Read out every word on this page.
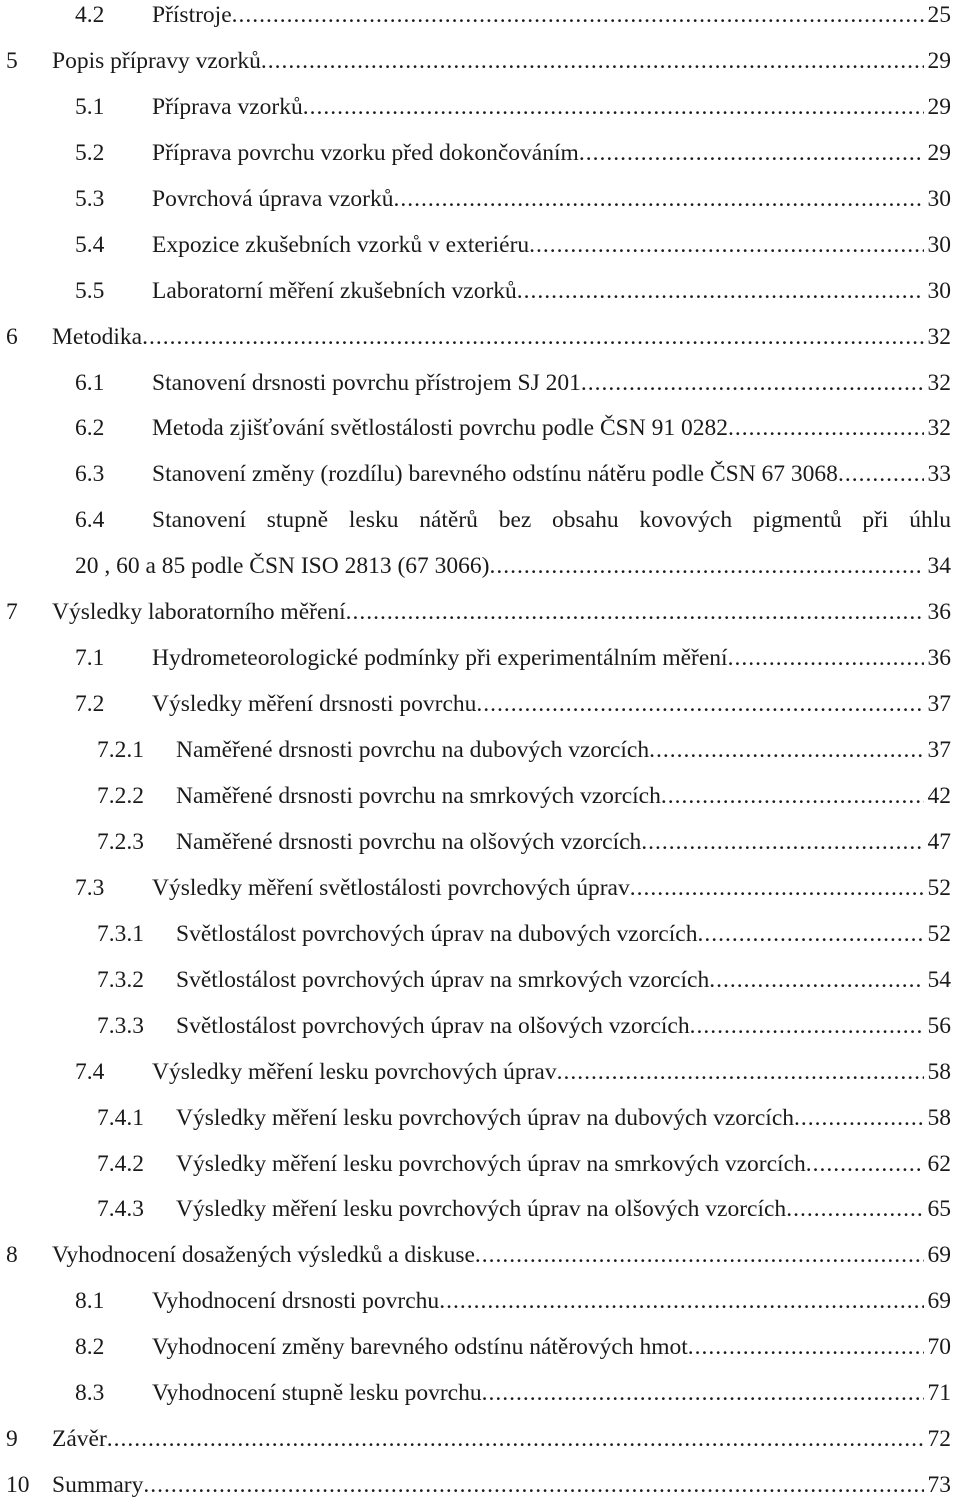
4.2 Přístroje .....	25
5 Popis přípravy vzorků .....	29
5.1 Příprava vzorků .....	29
5.2 Příprava povrchu vzorku před dokončováním .....	29
5.3 Povrchová úprava vzorků .....	30
5.4 Expozice zkušebních vzorků v exteriéru .....	30
5.5 Laboratorní měření zkušebních vzorků .....	30
6 Metodika .....	32
6.1 Stanovení drsnosti povrchu přístrojem SJ 201 .....	32
6.2 Metoda zjišťování světlostálosti povrchu podle ČSN 91 0282 .....	32
6.3 Stanovení změny (rozdílu) barevného odstínu nátěru podle ČSN 67 3068 .....	33
6.4 Stanovení stupně lesku nátěrů bez obsahu kovových pigmentů při úhlu
20 , 60 a 85 podle ČSN ISO 2813 (67 3066) .....	34
7 Výsledky laboratorního měření .....	36
7.1 Hydrometeorologické podmínky při experimentálním měření .....	36
7.2 Výsledky měření drsnosti povrchu .....	37
7.2.1 Naměřené drsnosti povrchu na dubových vzorcích .....	37
7.2.2 Naměřené drsnosti povrchu na smrkových vzorcích .....	42
7.2.3 Naměřené drsnosti povrchu na olšových vzorcích .....	47
7.3 Výsledky měření světlostálosti povrchových úprav .....	52
7.3.1 Světlostálost povrchových úprav na dubových vzorcích .....	52
7.3.2 Světlostálost povrchových úprav na smrkových vzorcích .....	54
7.3.3 Světlostálost povrchových úprav na olšových vzorcích .....	56
7.4 Výsledky měření lesku povrchových úprav .....	58
7.4.1 Výsledky měření lesku povrchových úprav na dubových vzorcích .....	58
7.4.2 Výsledky měření lesku povrchových úprav na smrkových vzorcích .....	62
7.4.3 Výsledky měření lesku povrchových úprav na olšových vzorcích .....	65
8 Vyhodnocení dosažených výsledků a diskuse .....	69
8.1 Vyhodnocení drsnosti povrchu .....	69
8.2 Vyhodnocení změny barevného odstínu nátěrových hmot .....	70
8.3 Vyhodnocení stupně lesku povrchu .....	71
9 Závěr .....	72
10 Summary .....	73
